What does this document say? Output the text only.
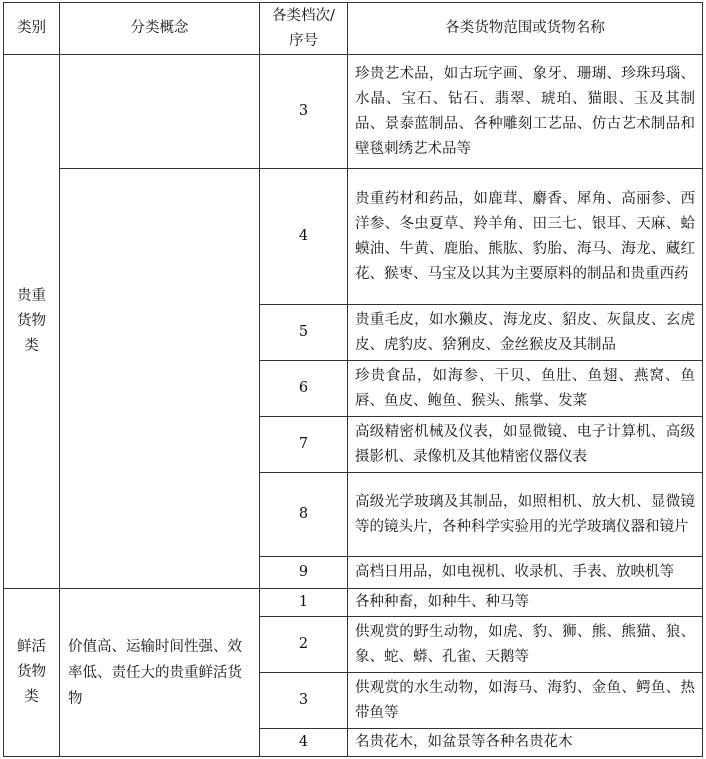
类别	分类概念	各类档次/序号	各类货物范围或货物名称
贵重货物类		3	珍贵艺术品，如古玩字画、象牙、珊瑚、珍珠玛瑙、水晶、宝石、钻石、翡翠、琥珀、猫眼、玉及其制品、景泰蓝制品、各种雕刻工艺品、仿古艺术制品和壁毯刺绣艺术品等
		4	贵重药材和药品，如鹿茸、麝香、犀角、高丽参、西洋参、冬虫夏草、羚羊角、田三七、银耳、天麻、蛤蟆油、牛黄、鹿胎、熊肱、豹胎、海马、海龙、藏红花、猴枣、马宝及以其为主要原料的制品和贵重西药
		5	贵重毛皮，如水獭皮、海龙皮、貂皮、灰鼠皮、玄虎皮、虎豹皮、猞猁皮、金丝猴皮及其制品
		6	珍贵食品，如海参、干贝、鱼肚、鱼翅、燕窝、鱼唇、鱼皮、鲍鱼、猴头、熊掌、发菜
		7	高级精密机械及仪表，如显微镜、电子计算机、高级摄影机、录像机及其他精密仪器仪表
		8	高级光学玻璃及其制品，如照相机、放大机、显微镜等的镜头片，各种科学实验用的光学玻璃仪器和镜片
		9	高档日用品，如电视机、收录机、手表、放映机等
鲜活货物类	价值高、运输时间性强、效率低、责任大的贵重鲜活货物	1	各种种畜，如种牛、种马等
		2	供观赏的野生动物，如虎、豹、狮、熊、熊猫、狼、象、蛇、蟒、孔雀、天鹅等
		3	供观赏的水生动物，如海马、海豹、金鱼、鳄鱼、热带鱼等
		4	名贵花木，如盆景等各种名贵花木
